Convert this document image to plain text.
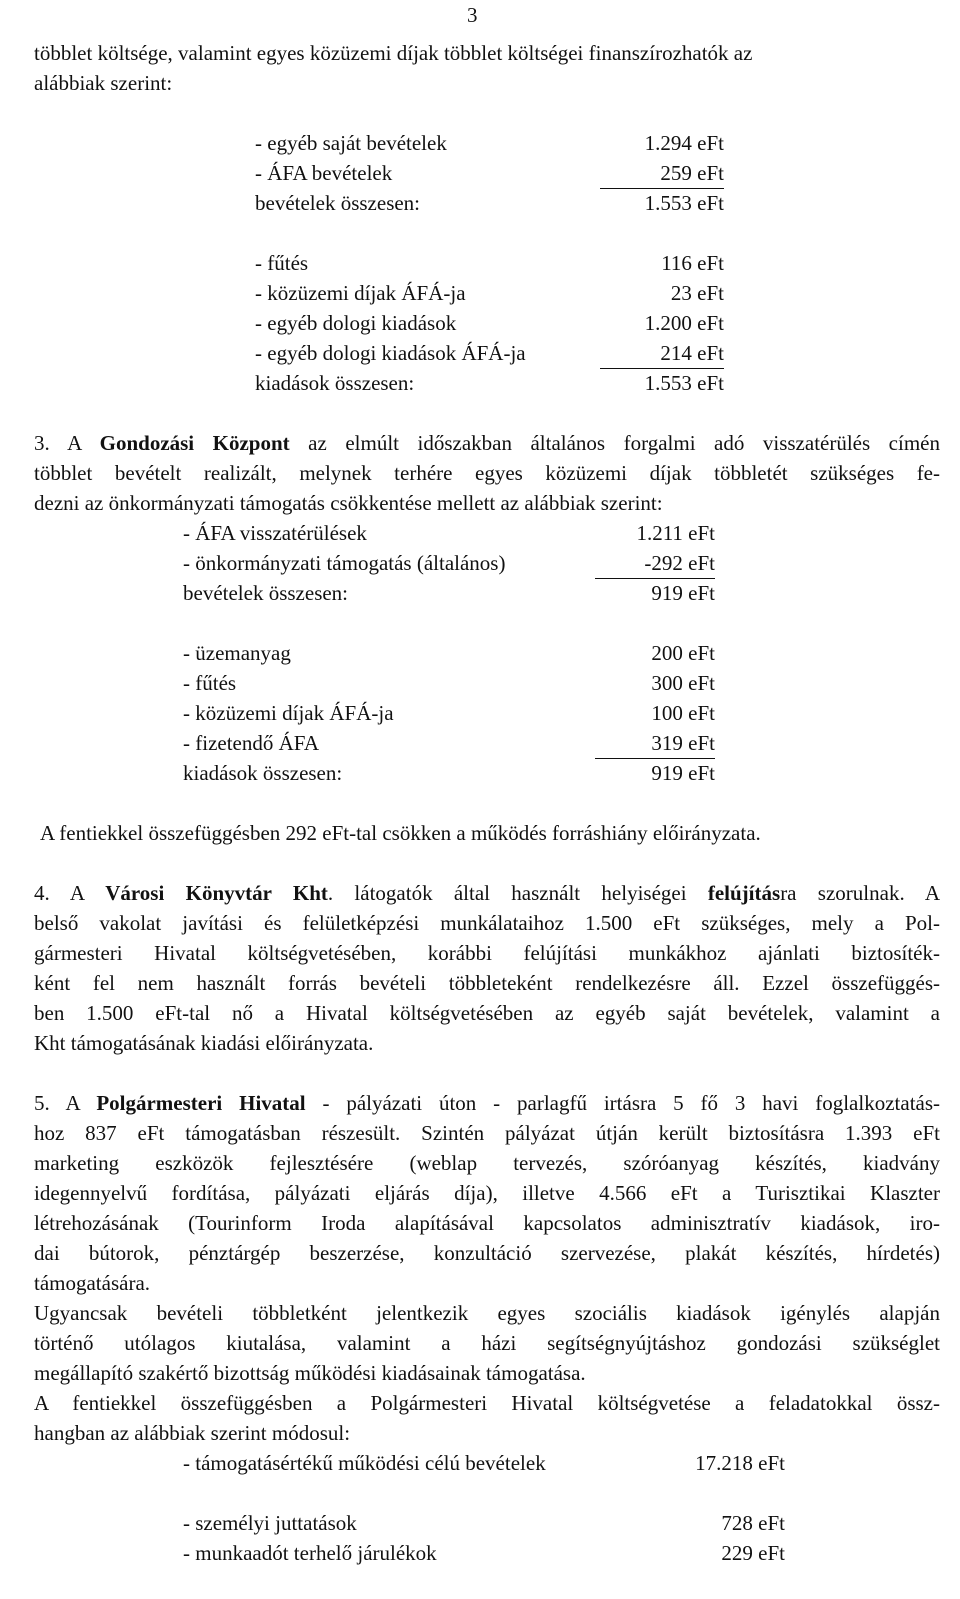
3
többlet költsége, valamint egyes közüzemi díjak többlet költségei finanszírozhatók az
alábbiak szerint:
- egyéb saját bevételek	1.294 eFt
- ÁFA bevételek	259 eFt
bevételek összesen:	1.553 eFt
- fűtés	116 eFt
- közüzemi díjak ÁFÁ-ja	23 eFt
- egyéb dologi kiadások	1.200 eFt
- egyéb dologi kiadások ÁFÁ-ja	214 eFt
kiadások összesen:	1.553 eFt
3. A Gondozási Központ az elmúlt időszakban általános forgalmi adó visszatérülés címén
többlet bevételt realizált, melynek terhére egyes közüzemi díjak többletét szükséges fe-
dezni az önkormányzati támogatás csökkentése mellett az alábbiak szerint:
- ÁFA visszatérülések	1.211 eFt
- önkormányzati támogatás (általános)	-292 eFt
bevételek összesen:	919 eFt
- üzemanyag	200 eFt
- fűtés	300 eFt
- közüzemi díjak ÁFÁ-ja	100 eFt
- fizetendő ÁFA	319 eFt
kiadások összesen:	919 eFt
A fentiekkel összefüggésben 292 eFt-tal csökken a működés forráshiány előirányzata.
4. A Városi Könyvtár Kht. látogatók által használt helyiségei felújításra szorulnak. A
belső vakolat javítási és felületképzési munkálataihoz 1.500 eFt szükséges, mely a Pol-
gármesteri Hivatal költségvetésében, korábbi felújítási munkákhoz ajánlati biztosíték-
ként fel nem használt forrás bevételi többleteként rendelkezésre áll. Ezzel összefüggés-
ben 1.500 eFt-tal nő a Hivatal költségvetésében az egyéb saját bevételek, valamint a
Kht támogatásának kiadási előirányzata.
5. A Polgármesteri Hivatal - pályázati úton - parlagfű irtásra 5 fő 3 havi foglalkoztatás-
hoz 837 eFt támogatásban részesült. Szintén pályázat útján került biztosításra 1.393 eFt
marketing eszközök fejlesztésére (weblap tervezés, szóróanyag készítés, kiadvány
idegennyelvű fordítása, pályázati eljárás díja), illetve 4.566 eFt a Turisztikai Klaszter
létrehozásának (Tourinform Iroda alapításával kapcsolatos adminisztratív kiadások, iro-
dai bútorok, pénztárgép beszerzése, konzultáció szervezése, plakát készítés, hírdetés)
támogatására.
Ugyancsak bevételi többletként jelentkezik egyes szociális kiadások igénylés alapján
történő utólagos kiutalása, valamint a házi segítségnyújtáshoz gondozási szükséglet
megállapító szakértő bizottság működési kiadásainak támogatása.
A fentiekkel összefüggésben a Polgármesteri Hivatal költségvetése a feladatokkal össz-
hangban az alábbiak szerint módosul:
- támogatásértékű működési célú bevételek	17.218 eFt
- személyi juttatások	728 eFt
- munkaadót terhelő járulékok	229 eFt
